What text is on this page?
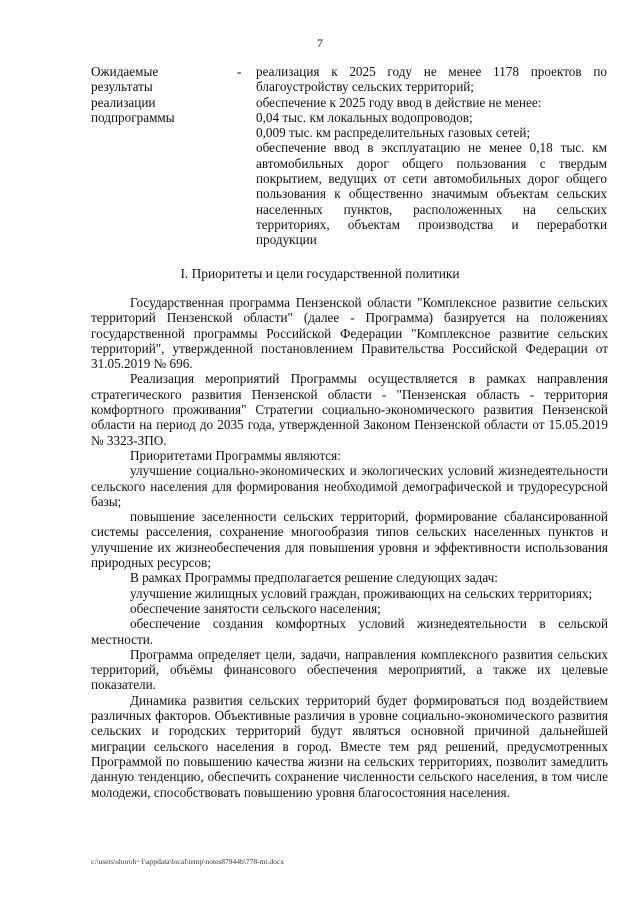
7
Ожидаемые
результаты
реализации
подпрограммы
- реализация к 2025 году не менее 1178 проектов по благоустройству сельских территорий;

обеспечение к 2025 году ввод в действие не менее:

0,04 тыс. км локальных водопроводов;

0,009 тыс. км распределительных газовых сетей;

обеспечение ввод в эксплуатацию не менее 0,18 тыс. км автомобильных дорог общего пользования с твердым покрытием, ведущих от сети автомобильных дорог общего пользования к общественно значимым объектам сельских населенных пунктов, расположенных на сельских территориях, объектам производства и переработки продукции

I. Приоритеты и цели государственной политики

Государственная программа Пензенской области "Комплексное развитие сельских территорий Пензенской области" (далее - Программа) базируется на положениях государственной программы Российской Федерации "Комплексное развитие сельских территорий", утвержденной постановлением Правительства Российской Федерации от 31.05.2019 № 696.

Реализация мероприятий Программы осуществляется в рамках направления стратегического развития Пензенской области - "Пензенская область - территория комфортного проживания" Стратегии социально-экономического развития Пензенской области на период до 2035 года, утвержденной Законом Пензенской области от 15.05.2019 № 3323-ЗПО.

Приоритетами Программы являются:

улучшение социально-экономических и экологических условий жизнедеятельности сельского населения для формирования необходимой демографической и трудоресурсной базы;

повышение заселенности сельских территорий, формирование сбалансированной системы расселения, сохранение многообразия типов сельских населенных пунктов и улучшение их жизнеобеспечения для повышения уровня и эффективности использования природных ресурсов;

В рамках Программы предполагается решение следующих задач:

улучшение жилищных условий граждан, проживающих на сельских территориях;

обеспечение занятости сельского населения;

обеспечение создания комфортных условий жизнедеятельности в сельской местности.

Программа определяет цели, задачи, направления комплексного развития сельских территорий, объёмы финансового обеспечения мероприятий, а также их целевые показатели.

Динамика развития сельских территорий будет формироваться под воздействием различных факторов. Объективные различия в уровне социально-экономического развития сельских и городских территорий будут являться основной причиной дальнейшей миграции сельского населения в город. Вместе тем ряд решений, предусмотренных Программой по повышению качества жизни на сельских территориях, позволит замедлить данную тенденцию, обеспечить сохранение численности сельского населения, в том числе молодежи, способствовать повышению уровня благосостояния населения.

c:\users\shoroh~1\appdata\local\temp\notes87944b\778-mi.docx
